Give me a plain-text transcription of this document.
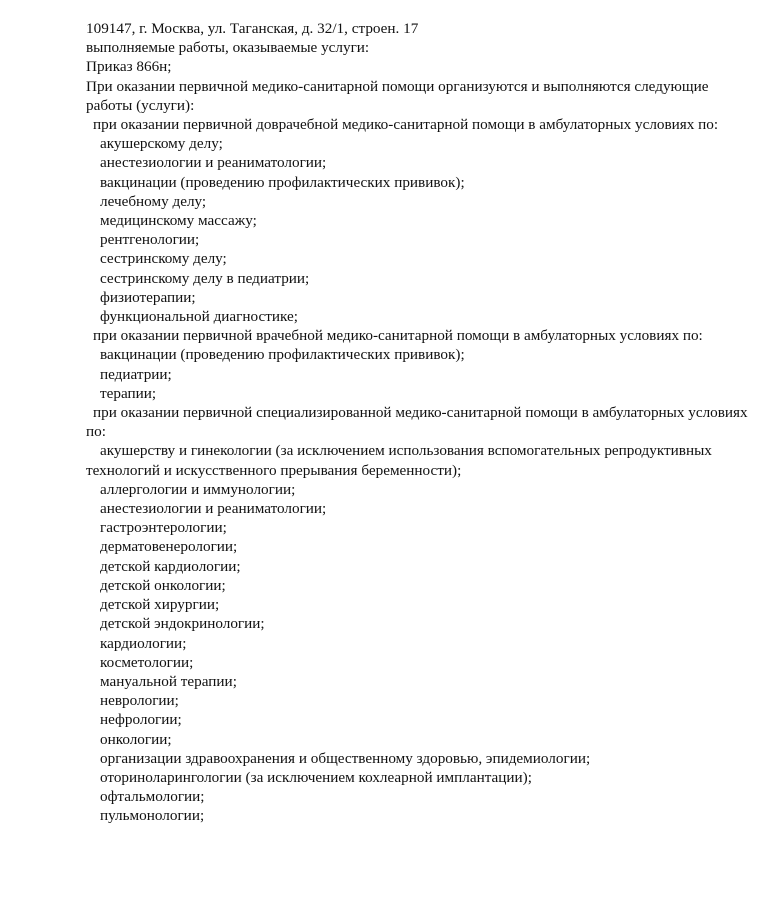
109147, г. Москва, ул. Таганская, д. 32/1, строен. 17

выполняемые работы, оказываемые услуги:

Приказ 866н;

При оказании первичной медико-санитарной помощи организуются и выполняются следующие работы (услуги):

при оказании первичной доврачебной медико-санитарной помощи в амбулаторных условиях по:

акушерскому делу;

анестезиологии и реаниматологии;

вакцинации (проведению профилактических прививок);

лечебному делу;

медицинскому массажу;

рентгенологии;

сестринскому делу;

сестринскому делу в педиатрии;

физиотерапии;

функциональной диагностике;

при оказании первичной врачебной медико-санитарной помощи в амбулаторных условиях по:

вакцинации (проведению профилактических прививок);

педиатрии;

терапии;

при оказании первичной специализированной медико-санитарной помощи в амбулаторных условиях по:

акушерству и гинекологии (за исключением использования вспомогательных репродуктивных технологий и искусственного прерывания беременности);

аллергологии и иммунологии;

анестезиологии и реаниматологии;

гастроэнтерологии;

дерматовенерологии;

детской кардиологии;

детской онкологии;

детской хирургии;

детской эндокринологии;

кардиологии;

косметологии;

мануальной терапии;

неврологии;

нефрологии;

онкологии;

организации здравоохранения и общественному здоровью, эпидемиологии;

оториноларингологии (за исключением кохлеарной имплантации);

офтальмологии;

пульмонологии;
